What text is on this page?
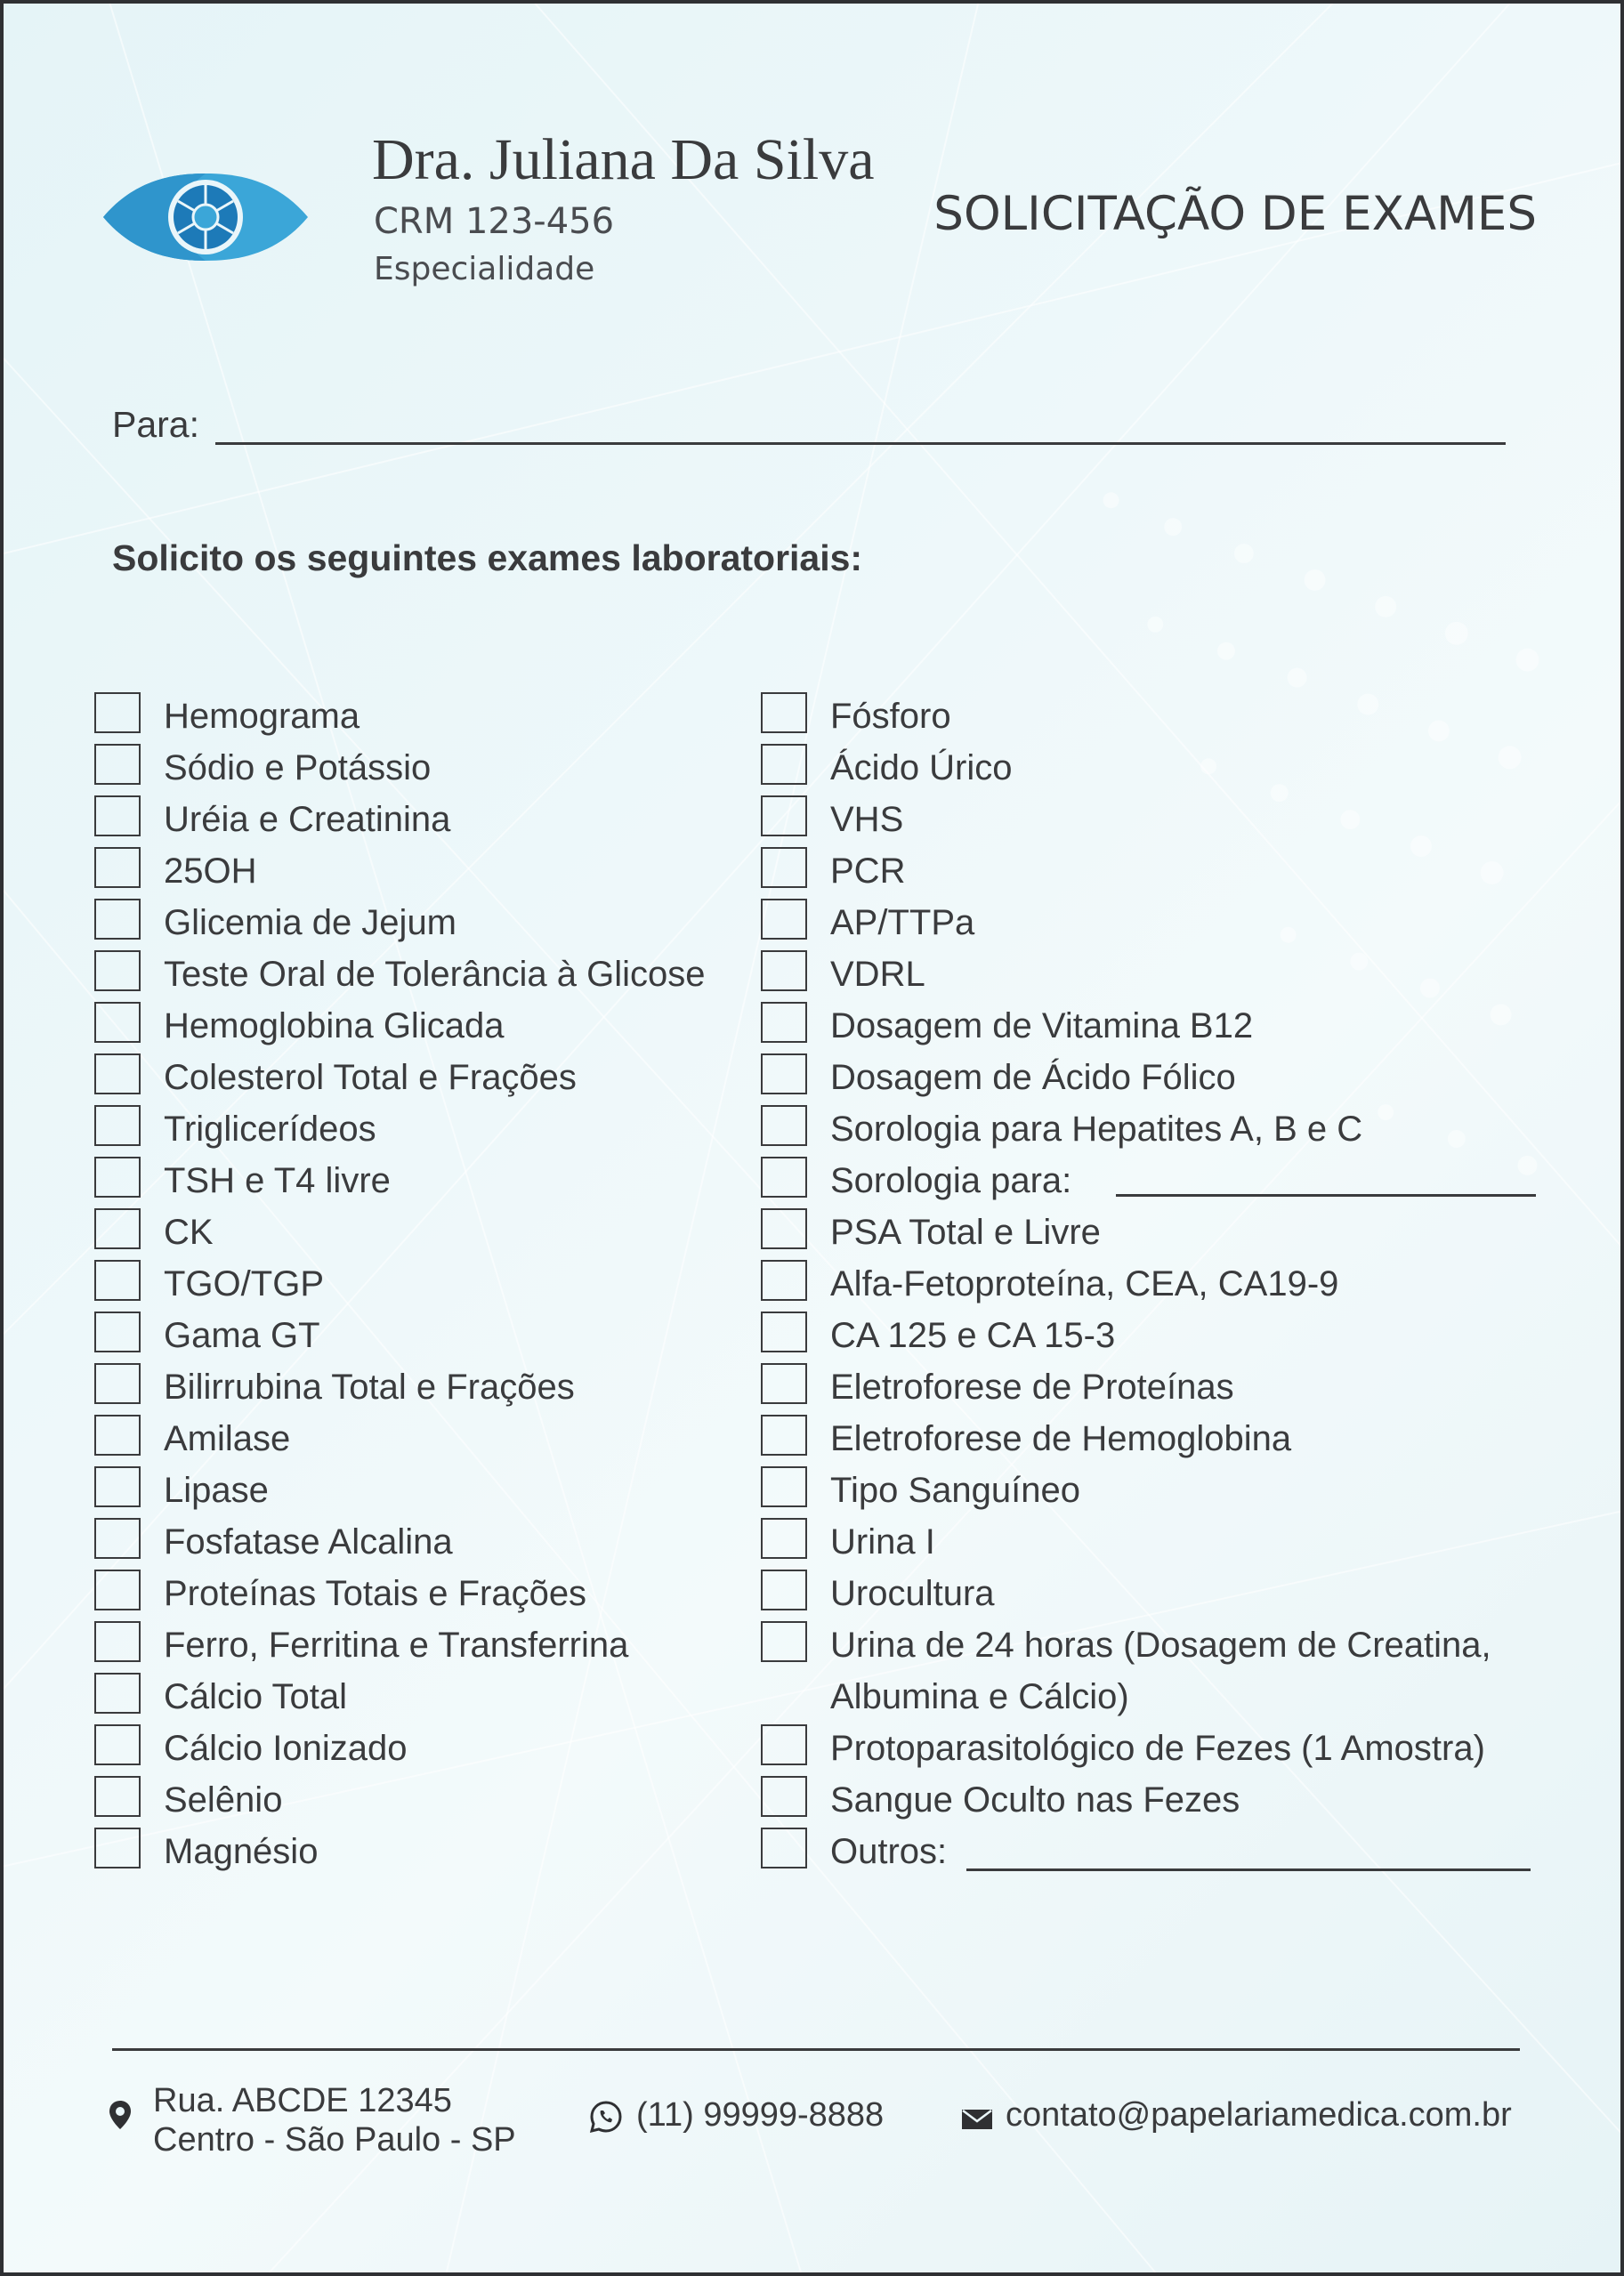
Dra. Juliana Da Silva
CRM 123-456
Especialidade
SOLICITAÇÃO DE EXAMES
Para:
Solicito os seguintes exames laboratoriais:
Hemograma
Sódio e Potássio
Uréia e Creatinina
25OH
Glicemia de Jejum
Teste Oral de Tolerância à Glicose
Hemoglobina Glicada
Colesterol Total e Frações
Triglicerídeos
TSH e T4 livre
CK
TGO/TGP
Gama GT
Bilirrubina Total e Frações
Amilase
Lipase
Fosfatase Alcalina
Proteínas Totais e Frações
Ferro, Ferritina e Transferrina
Cálcio Total
Cálcio Ionizado
Selênio
Magnésio
Fósforo
Ácido Úrico
VHS
PCR
AP/TTPa
VDRL
Dosagem de Vitamina B12
Dosagem de Ácido Fólico
Sorologia para Hepatites A, B e C
Sorologia para:
PSA Total e Livre
Alfa-Fetoproteína, CEA, CA19-9
CA 125 e CA 15-3
Eletroforese de Proteínas
Eletroforese de Hemoglobina
Tipo Sanguíneo
Urina I
Urocultura
Urina de 24 horas (Dosagem de Creatina,
Albumina e Cálcio)
Protoparasitológico de Fezes (1 Amostra)
Sangue Oculto nas Fezes
Outros:
Rua. ABCDE 12345
Centro - São Paulo - SP
(11) 99999-8888	contato@papelariamedica.com.br
